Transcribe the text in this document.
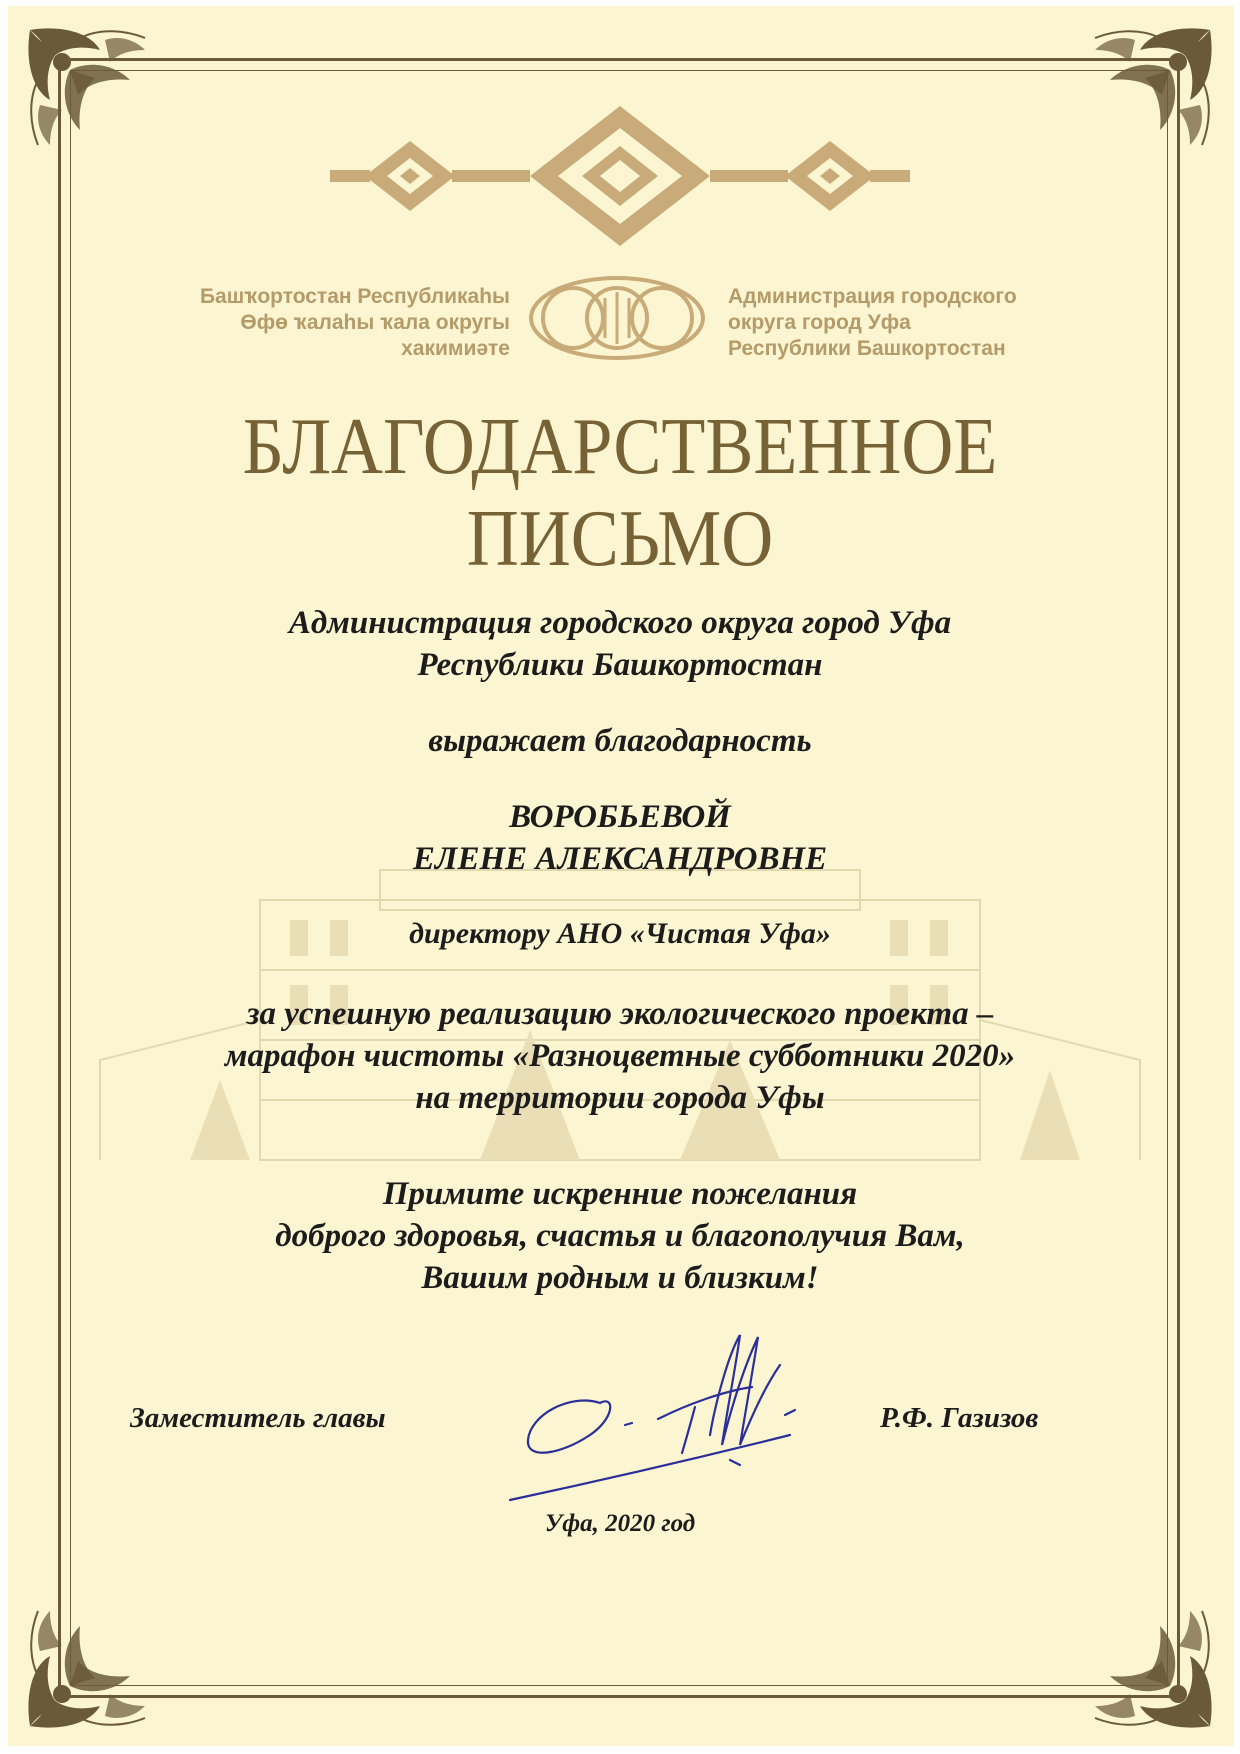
Башҡортостан Республикаһы
Өфө ҡалаһы ҡала округы
хакимиәте
Администрация городского
округа город Уфа
Республики Башкортостан
БЛАГОДАРСТВЕННОЕ
ПИСЬМО
Администрация городского округа город Уфа
Республики Башкортостан
выражает благодарность
ВОРОБЬЕВОЙ
ЕЛЕНЕ АЛЕКСАНДРОВНЕ
директору АНО «Чистая Уфа»
за успешную реализацию экологического проекта –
марафон чистоты «Разноцветные субботники 2020»
на территории города Уфы
Примите искренние пожелания
доброго здоровья, счастья и благополучия Вам,
Вашим родным и близким!
Заместитель главы	Р.Ф. Газизов
Уфа, 2020 год
